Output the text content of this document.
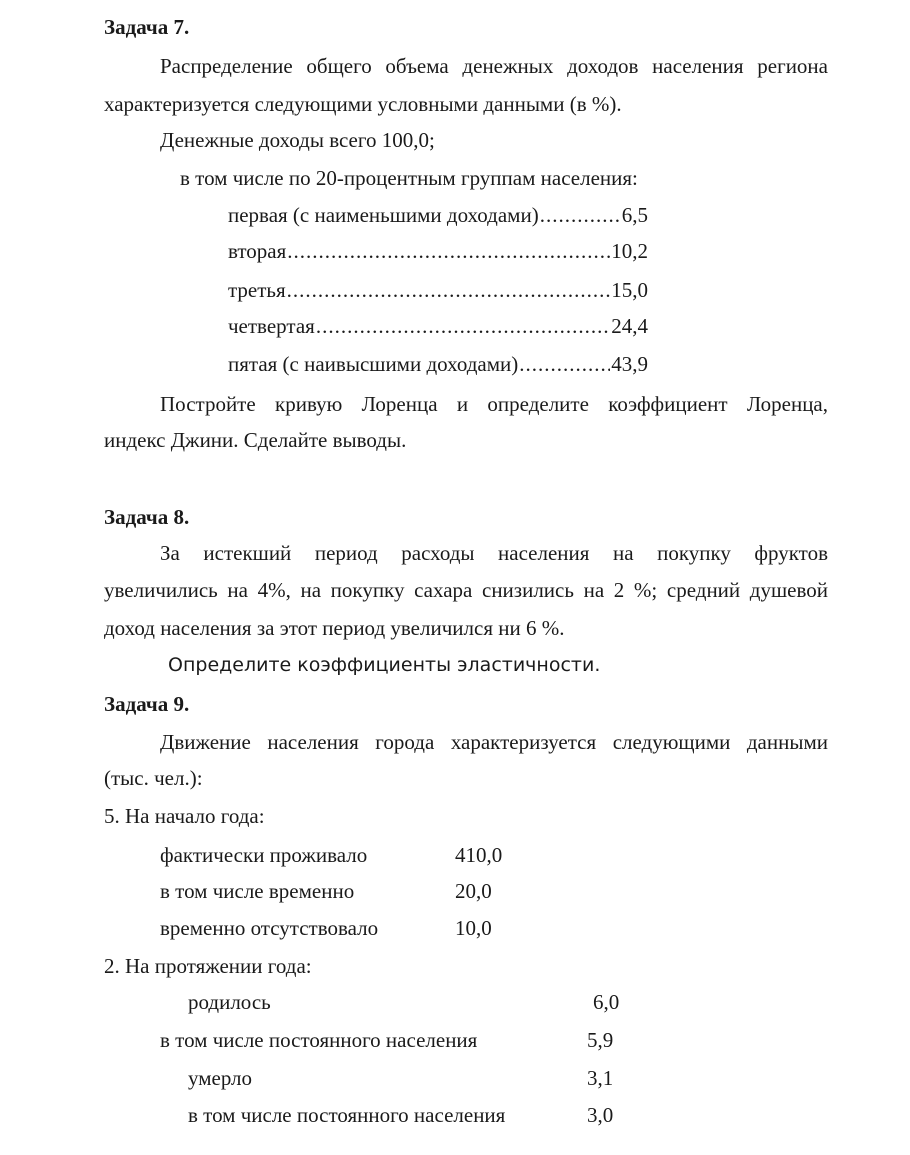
Задача 7.
Распределение общего объема денежных доходов населения региона
характеризуется следующими условными данными (в %).
Денежные доходы всего 100,0;
в том числе по 20-процентным группам населения:
первая (с наименьшими доходами) .....	6,5
вторая .....	10,2
третья .....	15,0
четвертая .....	24,4
пятая (с наивысшими доходами) .....	43,9
Постройте кривую Лоренца и определите коэффициент Лоренца,
индекс Джини. Сделайте выводы.
Задача 8.
За истекший период расходы населения на покупку фруктов
увеличились на 4%, на покупку сахара снизились на 2 %; средний душевой
доход населения за этот период увеличился ни 6 %.
Определите коэффициенты эластичности.
Задача 9.
Движение населения города характеризуется следующими данными
(тыс. чел.):
5. На начало года:
фактически проживало	410,0
в том числе временно	20,0
временно отсутствовало	10,0
2. На протяжении года:
родилось	6,0
в том числе постоянного населения	5,9
умерло	3,1
в том числе постоянного населения	3,0
